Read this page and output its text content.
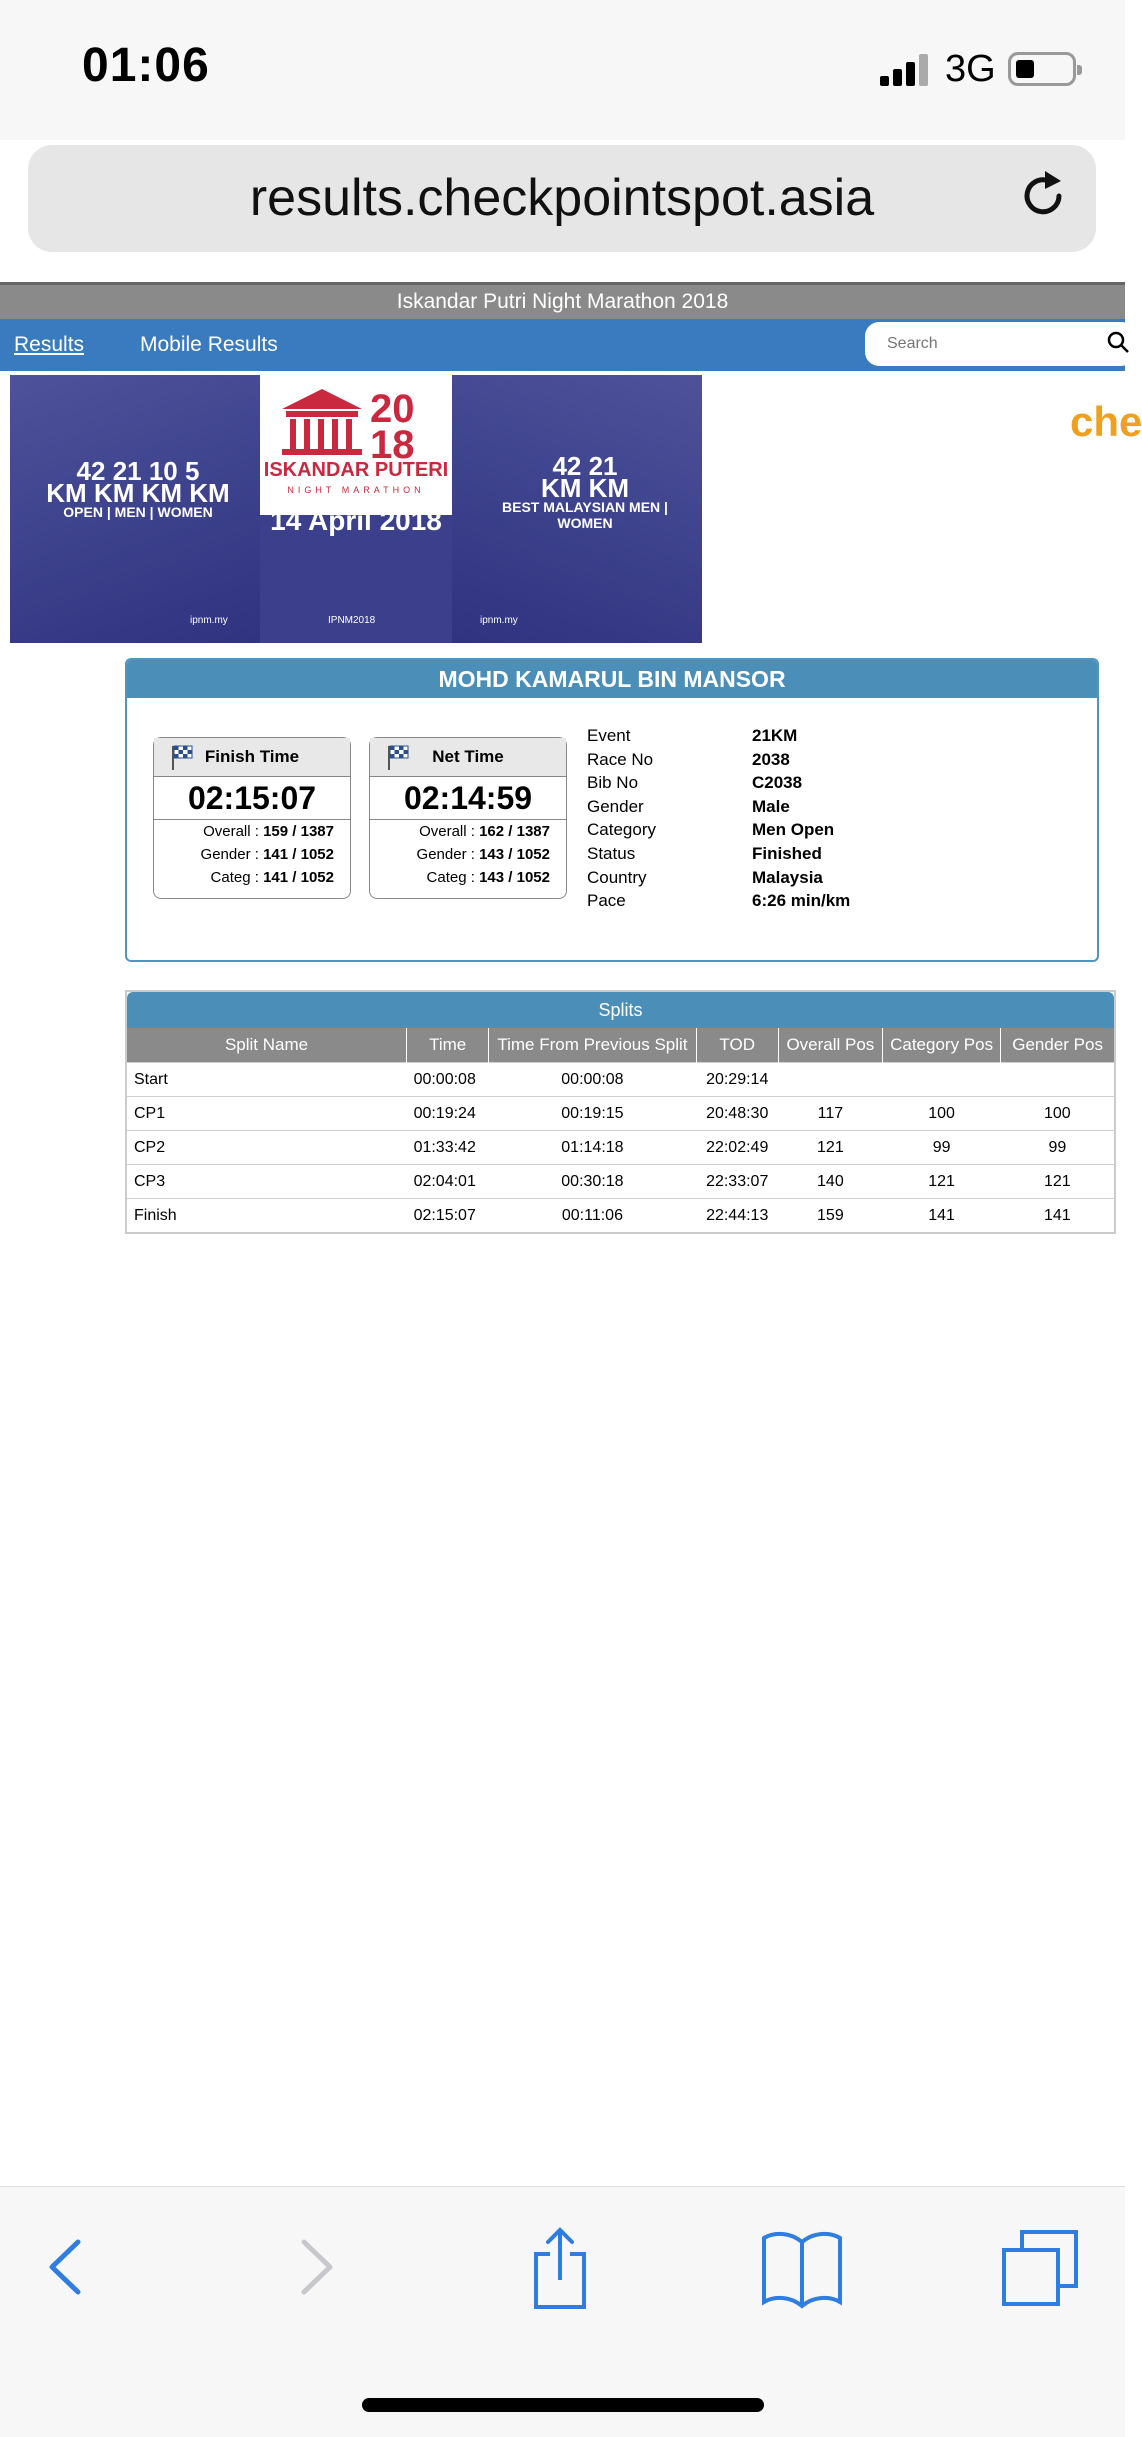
01:06	3G
results.checkpointspot.asia
Iskandar Putri Night Marathon 2018
Results	Mobile Results
Search
che
20 18
ISKANDAR PUTERI
NIGHT MARATHON
14 April 2018
42 21 10 5
KM KM KM KM
OPEN | MEN | WOMEN
42 21
KM KM
BEST MALAYSIAN MEN | WOMEN
ipnm.my	IPNM2018	ipnm.my
MOHD KAMARUL BIN MANSOR
Finish Time
02:15:07
Overall : 159 / 1387
Gender : 141 / 1052
Categ : 141 / 1052
Net Time
02:14:59
Overall : 162 / 1387
Gender : 143 / 1052
Categ : 143 / 1052
Event	21KM
Race No	2038
Bib No	C2038
Gender	Male
Category	Men Open
Status	Finished
Country	Malaysia
Pace	6:26 min/km
Splits
Split Name	Time	Time From Previous Split	TOD	Overall Pos	Category Pos	Gender Pos
Start	00:00:08	00:00:08	20:29:14			
CP1	00:19:24	00:19:15	20:48:30	117	100	100
CP2	01:33:42	01:14:18	22:02:49	121	99	99
CP3	02:04:01	00:30:18	22:33:07	140	121	121
Finish	02:15:07	00:11:06	22:44:13	159	141	141
